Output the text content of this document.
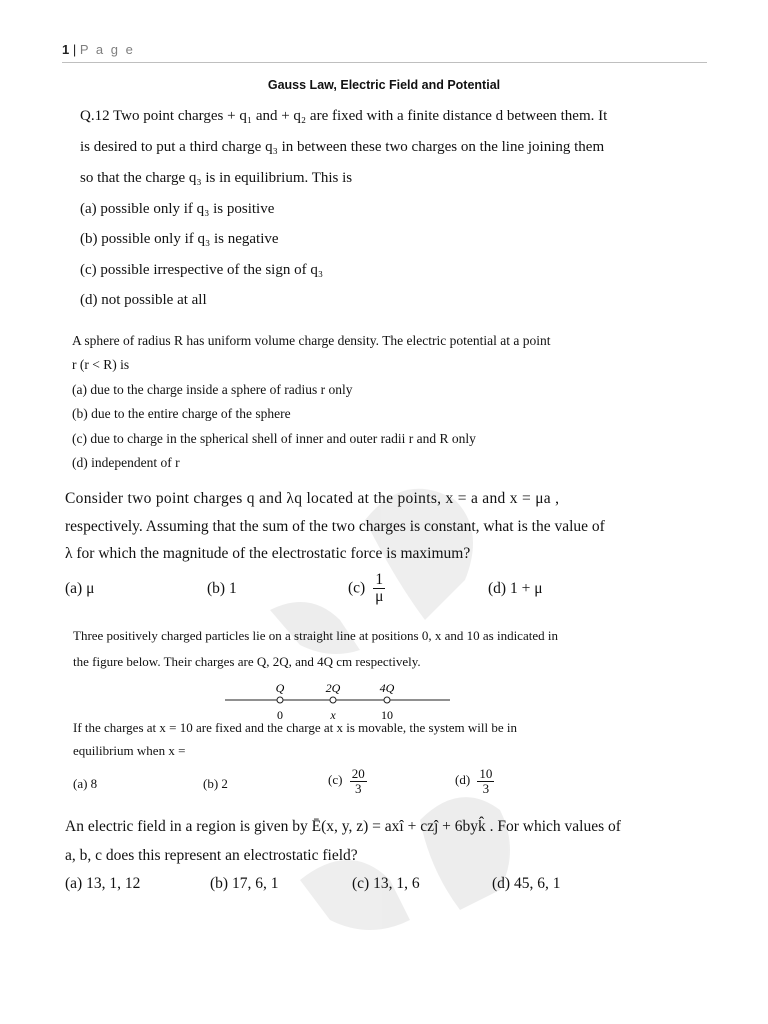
1 | P a g e
Gauss Law, Electric Field and Potential
Q.12 Two point charges + q₁ and + q₂ are fixed with a finite distance d between them. It
is desired to put a third charge q₃ in between these two charges on the line joining them
so that the charge q₃ is in equilibrium. This is
(a) possible only if q₃ is positive
(b) possible only if q₃ is negative
(c) possible irrespective of the sign of q₃
(d) not possible at all
A sphere of radius R has uniform volume charge density. The electric potential at a point
r (r < R) is
(a) due to the charge inside a sphere of radius r only
(b) due to the entire charge of the sphere
(c) due to charge in the spherical shell of inner and outer radii r and R only
(d) independent of r
Consider two point charges q and λq located at the points, x = a and x = μa ,
respectively. Assuming that the sum of the two charges is constant, what is the value of
λ for which the magnitude of the electrostatic force is maximum?
(a) μ	(b) 1	$(c) \frac{1}{\mu}$	(d) 1 + μ
Three positively charged particles lie on a straight line at positions 0, x and 10 as indicated in
the figure below. Their charges are Q, 2Q, and 4Q cm respectively.
If the charges at x = 10 are fixed and the charge at x is movable, the system will be in
equilibrium when x =
(a) 8	(b) 2	$(c) \frac{20}{3}$	$(d) \frac{10}{3}$
Q	2Q	4Q
0	x	10
An electric field in a region is given by Ē(x, y, z) = axî + czĵ + 6byk̂ . For which values of
a, b, c does this represent an electrostatic field?
(a) 13, 1, 12	(b) 17, 6, 1	(c) 13, 1, 6	(d) 45, 6, 1
